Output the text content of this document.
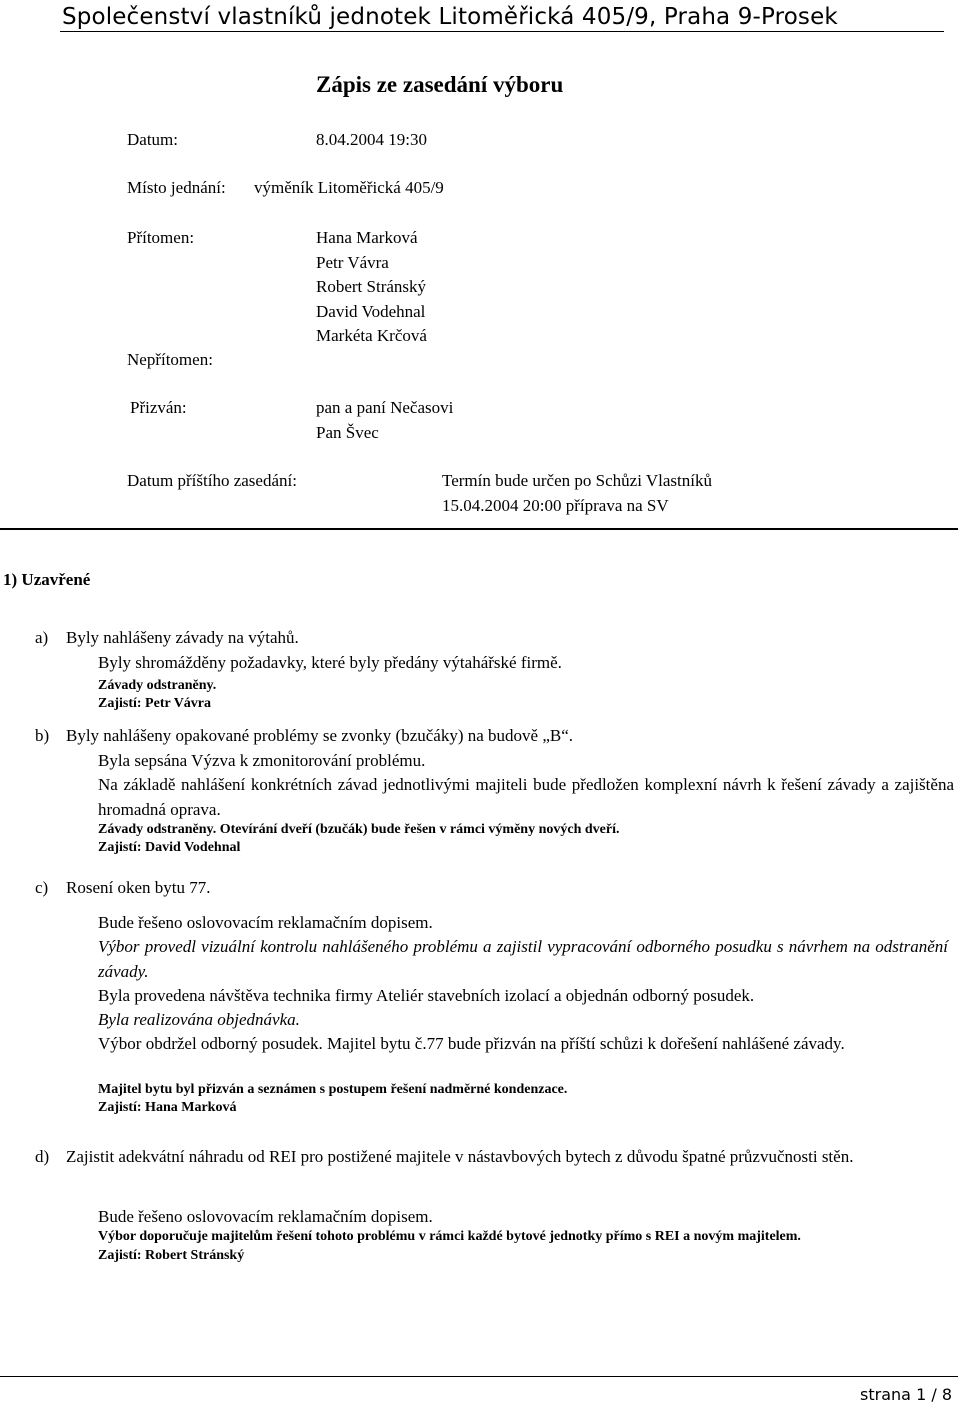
Společenství vlastníků jednotek Litoměřická 405/9, Praha 9-Prosek
Zápis ze zasedání výboru
Datum:	8.04.2004 19:30
Místo jednání: výměník Litoměřická 405/9
Přítomen:	Hana Marková
Petr Vávra
Robert Stránský
David Vodehnal
Markéta Krčová
Nepřítomen:
Přizván:	pan a paní Nečasovi
Pan Švec
Datum příštího zasedání:	Termín bude určen po Schůzi Vlastníků
15.04.2004 20:00 příprava na SV
1) Uzavřené
a) Byly nahlášeny závady na výtahů.
Byly shromážděny požadavky, které byly předány výtahářské firmě.
Závady odstraněny.
Zajistí: Petr Vávra
b) Byly nahlášeny opakované problémy se zvonky (bzučáky) na budově „B“.
Byla sepsána Výzva k zmonitorování problému.
Na základě nahlášení konkrétních závad jednotlivými majiteli bude předložen komplexní návrh k řešení závady a zajištěna hromadná oprava.
Závady odstraněny. Otevírání dveří (bzučák) bude řešen v rámci výměny nových dveří.
Zajistí: David Vodehnal
c) Rosení oken bytu 77.
Bude řešeno oslovovacím reklamačním dopisem.
Výbor provedl vizuální kontrolu nahlášeného problému a zajistil vypracování odborného posudku s návrhem na odstranění závady.
Byla provedena návštěva technika firmy Ateliér stavebních izolací a objednán odborný posudek.
Byla realizována objednávka.
Výbor obdržel odborný posudek. Majitel bytu č.77 bude přizván na příští schůzi k dořešení nahlášené závady.
Majitel bytu byl přizván a seznámen s postupem řešení nadměrné kondenzace.
Zajistí: Hana Marková
d) Zajistit adekvátní náhradu od REI pro postižené majitele v nástavbových bytech z důvodu špatné průzvučnosti stěn.
Bude řešeno oslovovacím reklamačním dopisem.
Výbor doporučuje majitelům řešení tohoto problému v rámci každé bytové jednotky přímo s REI a novým majitelem.
Zajistí: Robert Stránský
strana 1 / 8
